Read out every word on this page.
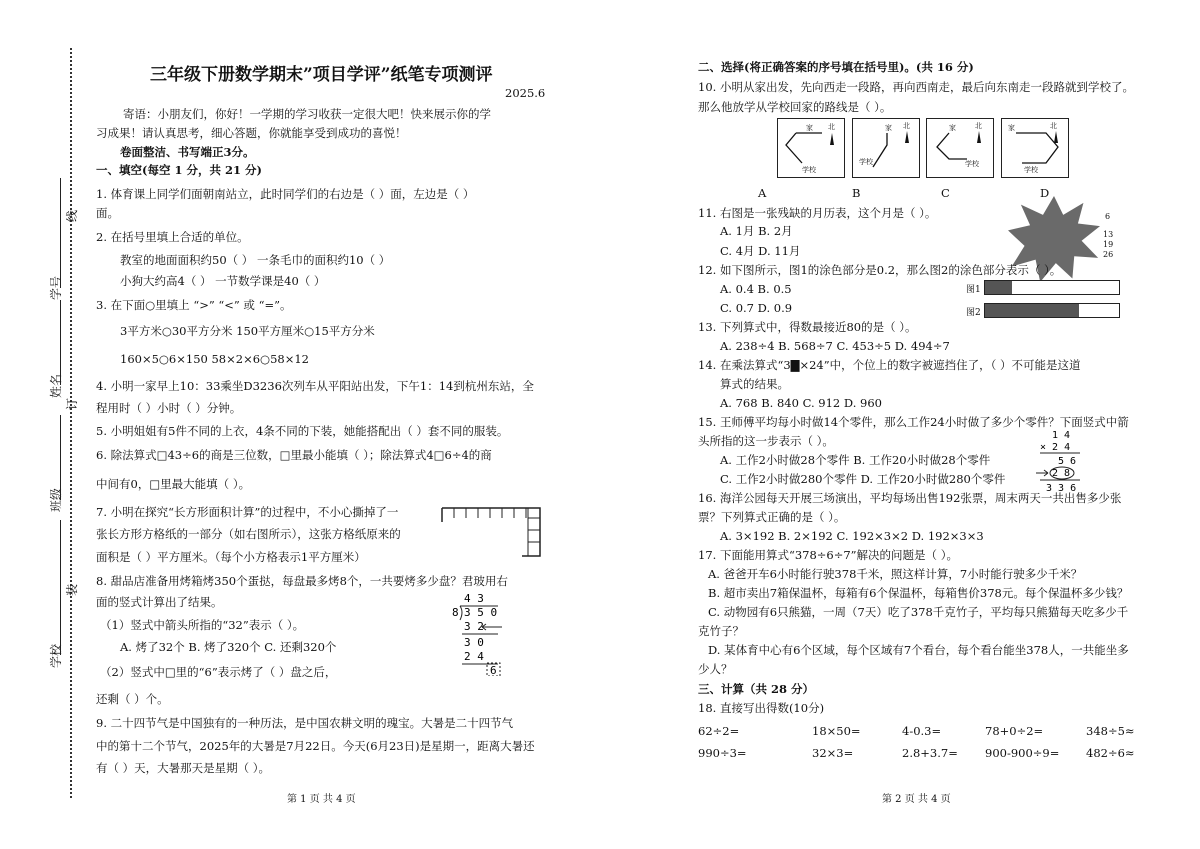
线
学号
姓名
订
班级
装
学校
三年级下册数学期末”项目学评”纸笔专项测评
2025.6
寄语：小朋友们，你好！一学期的学习收获一定很大吧！快来展示你的学
习成果！请认真思考，细心答题，你就能享受到成功的喜悦！
卷面整洁、书写端正3分。
一、填空(每空 1 分，共 21 分)
1. 体育课上同学们面朝南站立，此时同学们的右边是（ ）面，左边是（ ）
面。
2. 在括号里填上合适的单位。
教室的地面面积约50（ ） 一条毛巾的面积约10（ ）
小狗大约高4（ ） 一节数学课是40（ ）
3. 在下面○里填上 “>” “<” 或 “=”。
3平方米○30平方分米 150平方厘米○15平方分米
160×5○6×150 58×2×6○58×12
4. 小明一家早上10：33乘坐D3236次列车从平阳站出发，下午1：14到杭州东站，全
程用时（ ）小时（ ）分钟。
5. 小明姐姐有5件不同的上衣，4条不同的下装，她能搭配出（ ）套不同的服装。
6. 除法算式□43÷6的商是三位数，□里最小能填（ ）；除法算式4□6÷4的商
中间有0，□里最大能填（ ）。
7. 小明在探究“长方形面积计算”的过程中，不小心撕掉了一
张长方形方格纸的一部分（如右图所示），这张方格纸原来的
面积是（ ）平方厘米。（每个小方格表示1平方厘米）
8. 甜品店准备用烤箱烤350个蛋挞，每盘最多烤8个，一共要烤多少盘？君玻用右
面的竖式计算出了结果。
（1）竖式中箭头所指的“32”表示（ ）。
A. 烤了32个 B. 烤了320个 C. 还剩320个
（2）竖式中□里的“6”表示烤了（ ）盘之后，
还剩（ ）个。
9. 二十四节气是中国独有的一种历法，是中国农耕文明的瑰宝。大暑是二十四节气
中的第十二个节气，2025年的大暑是7月22日。今天(6月23日)是星期一，距离大暑还
有（ ）天，大暑那天是星期（ ）。
4 3
8 3 5 0
3 2
3 0
2 4
6
第 1 页 共 4 页
二、选择(将正确答案的序号填在括号里)。(共 16 分)
10. 小明从家出发，先向西走一段路，再向西南走，最后向东南走一段路就到学校了。
那么他放学从学校回家的路线是（ ）。
家 北
学校
家 北
学校
家	北
学校
家	北
学校
A	B	C	D
11. 右图是一张残缺的月历表，这个月是（ ）。
A. 1月 B. 2月
C. 4月 D. 11月
6
13
19
26
12. 如下图所示，图1的涂色部分是0.2，那么图2的涂色部分表示（ ）。
A. 0.4 B. 0.5
C. 0.7 D. 0.9
图1
图2
13. 下列算式中，得数最接近80的是（ ）。
A. 238÷4 B. 568÷7 C. 453÷5 D. 494÷7
14. 在乘法算式“3▇×24”中，个位上的数字被遮挡住了，（ ）不可能是这道
算式的结果。
A. 768 B. 840 C. 912 D. 960
15. 王师傅平均每小时做14个零件，那么工作24小时做了多少个零件？下面竖式中箭
头所指的这一步表示（ ）。
A. 工作2小时做28个零件 B. 工作20小时做28个零件
C. 工作2小时做280个零件 D. 工作20小时做280个零件
1 4
× 2 4
5 6
2 8
3 3 6
16. 海洋公园每天开展三场演出，平均每场出售192张票，周末两天一共出售多少张
票？下列算式正确的是（ ）。
A. 3×192 B. 2×192 C. 192×3×2 D. 192×3×3
17. 下面能用算式“378÷6÷7”解决的问题是（ ）。
A. 爸爸开车6小时能行驶378千米，照这样计算，7小时能行驶多少千米？
B. 超市卖出7箱保温杯，每箱有6个保温杯，每箱售价378元。每个保温杯多少钱？
C. 动物园有6只熊猫，一周（7天）吃了378千克竹子，平均每只熊猫每天吃多少千
克竹子？
D. 某体育中心有6个区域，每个区域有7个看台，每个看台能坐378人，一共能坐多
少人？
三、计算（共 28 分）
18. 直接写出得数(10分)
62÷2=	18×50=	4-0.3=	78+0÷2=	348÷5≈
990÷3=	32×3=	2.8+3.7= 900-900÷9= 482÷6≈
第 2 页 共 4 页
